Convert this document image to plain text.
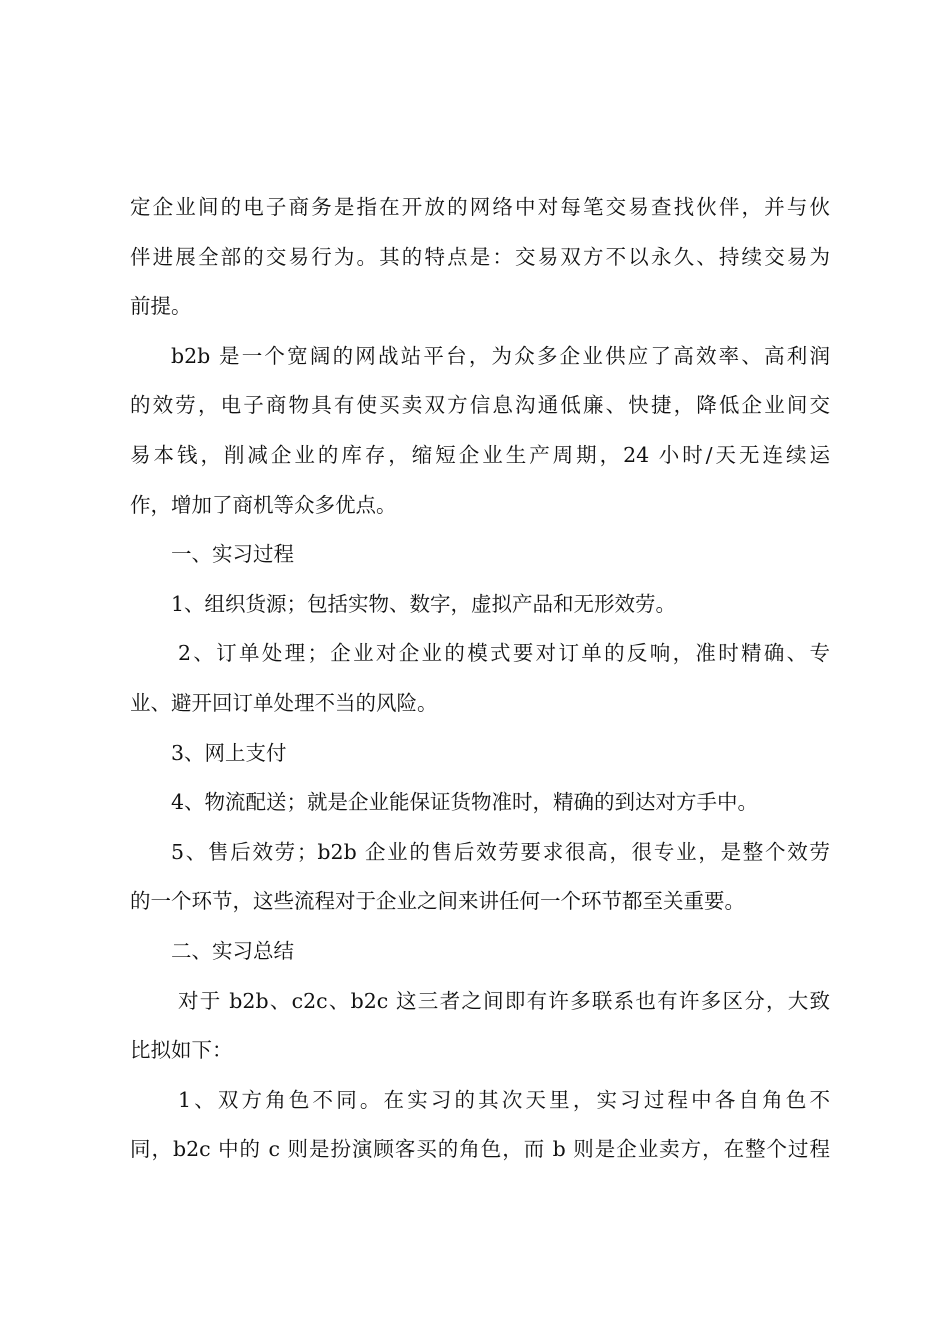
定企业间的电子商务是指在开放的网络中对每笔交易查找伙伴，并与伙
伴进展全部的交易行为。其的特点是：交易双方不以永久、持续交易为
前提。
b2b 是一个宽阔的网战站平台，为众多企业供应了高效率、高利润
的效劳，电子商物具有使买卖双方信息沟通低廉、快捷，降低企业间交
易本钱，削减企业的库存，缩短企业生产周期，24 小时/天无连续运
作，增加了商机等众多优点。
一、实习过程
1、组织货源；包括实物、数字，虚拟产品和无形效劳。
2、订单处理；企业对企业的模式要对订单的反响，准时精确、专
业、避开回订单处理不当的风险。
3、网上支付
4、物流配送；就是企业能保证货物准时，精确的到达对方手中。
5、售后效劳；b2b 企业的售后效劳要求很高，很专业，是整个效劳
的一个环节，这些流程对于企业之间来讲任何一个环节都至关重要。
二、实习总结
对于 b2b、c2c、b2c 这三者之间即有许多联系也有许多区分，大致
比拟如下：
1、双方角色不同。在实习的其次天里，实习过程中各自角色不
同，b2c 中的 c 则是扮演顾客买的角色，而 b 则是企业卖方，在整个过程
